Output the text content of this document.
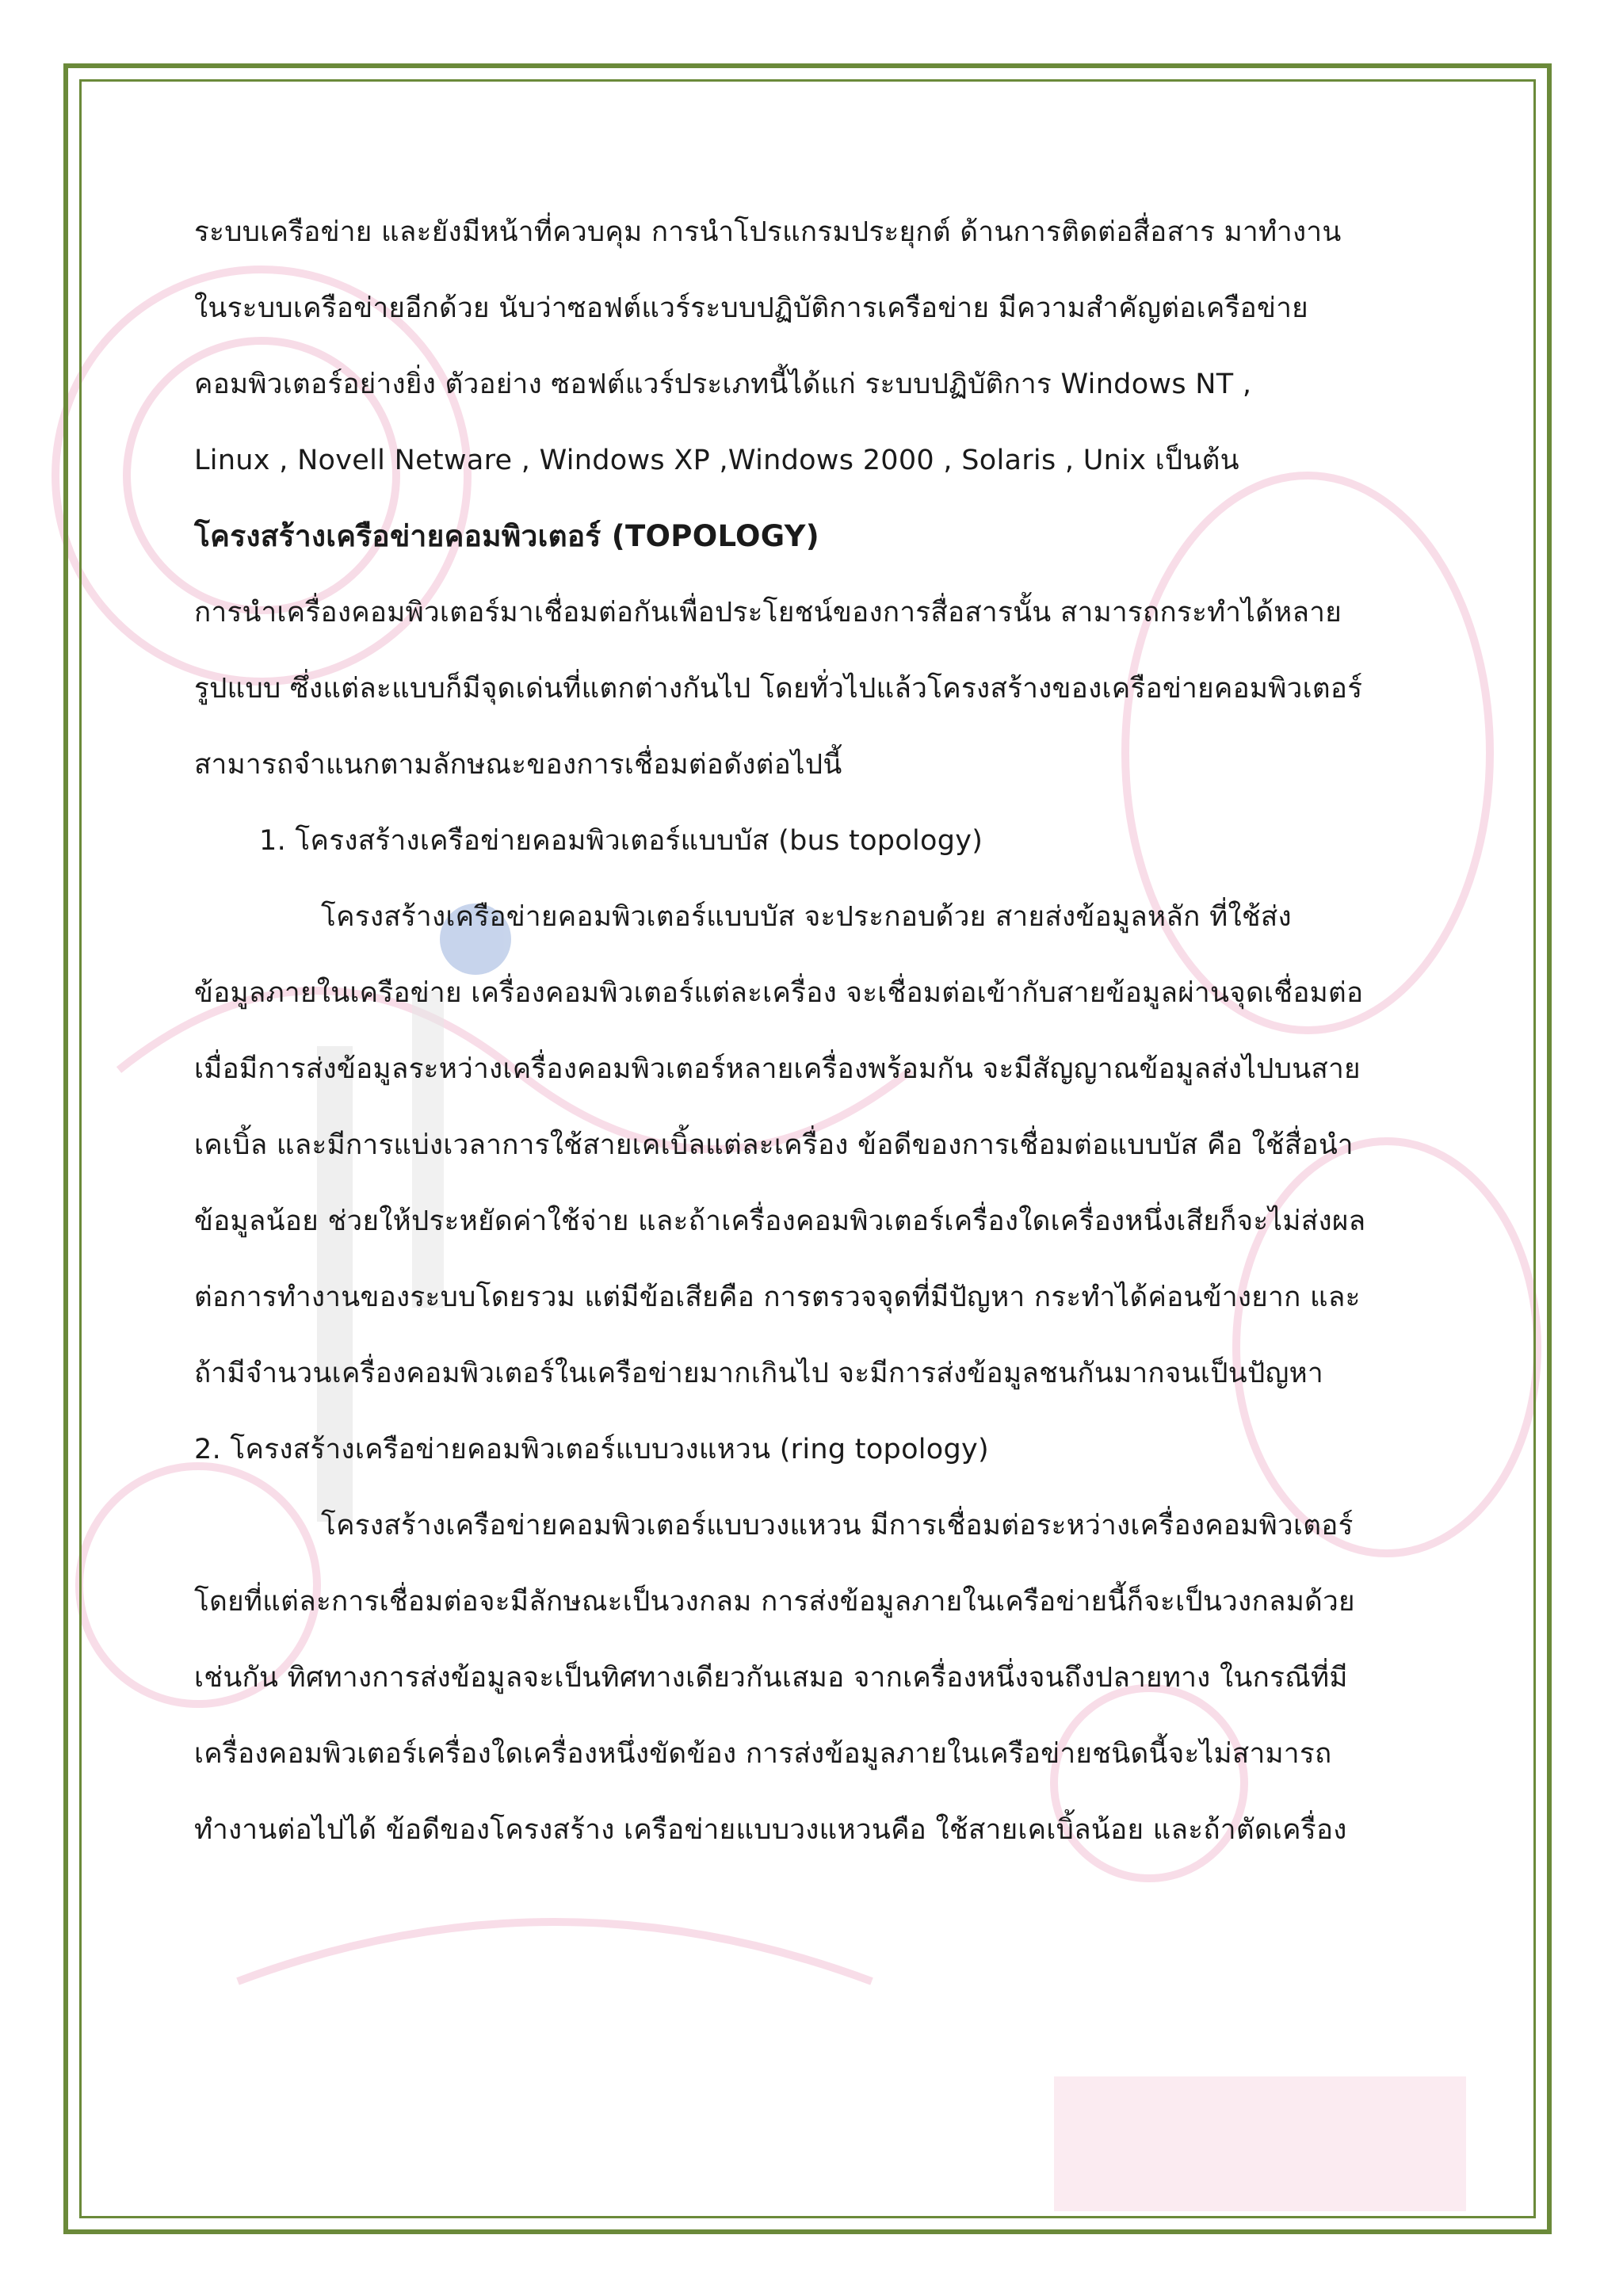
ระบบเครือข่าย และยังมีหน้าที่ควบคุม การนำโปรแกรมประยุกต์ ด้านการติดต่อสื่อสาร มาทำงาน

ในระบบเครือข่ายอีกด้วย นับว่าซอฟต์แวร์ระบบปฏิบัติการเครือข่าย มีความสำคัญต่อเครือข่าย

คอมพิวเตอร์อย่างยิ่ง ตัวอย่าง ซอฟต์แวร์ประเภทนี้ได้แก่ ระบบปฏิบัติการ Windows NT ,

Linux , Novell Netware , Windows XP ,Windows 2000 , Solaris , Unix เป็นต้น

โครงสร้างเครือข่ายคอมพิวเตอร์ (TOPOLOGY)

การนำเครื่องคอมพิวเตอร์มาเชื่อมต่อกันเพื่อประโยชน์ของการสื่อสารนั้น สามารถกระทำได้หลาย

รูปแบบ ซึ่งแต่ละแบบก็มีจุดเด่นที่แตกต่างกันไป โดยทั่วไปแล้วโครงสร้างของเครือข่ายคอมพิวเตอร์

สามารถจำแนกตามลักษณะของการเชื่อมต่อดังต่อไปนี้

1. โครงสร้างเครือข่ายคอมพิวเตอร์แบบบัส (bus topology)

โครงสร้างเครือข่ายคอมพิวเตอร์แบบบัส จะประกอบด้วย สายส่งข้อมูลหลัก ที่ใช้ส่ง

ข้อมูลภายในเครือข่าย เครื่องคอมพิวเตอร์แต่ละเครื่อง จะเชื่อมต่อเข้ากับสายข้อมูลผ่านจุดเชื่อมต่อ

เมื่อมีการส่งข้อมูลระหว่างเครื่องคอมพิวเตอร์หลายเครื่องพร้อมกัน จะมีสัญญาณข้อมูลส่งไปบนสาย

เคเบิ้ล และมีการแบ่งเวลาการใช้สายเคเบิ้ลแต่ละเครื่อง ข้อดีของการเชื่อมต่อแบบบัส คือ ใช้สื่อนำ

ข้อมูลน้อย ช่วยให้ประหยัดค่าใช้จ่าย และถ้าเครื่องคอมพิวเตอร์เครื่องใดเครื่องหนึ่งเสียก็จะไม่ส่งผล

ต่อการทำงานของระบบโดยรวม แต่มีข้อเสียคือ การตรวจจุดที่มีปัญหา กระทำได้ค่อนข้างยาก และ

ถ้ามีจำนวนเครื่องคอมพิวเตอร์ในเครือข่ายมากเกินไป จะมีการส่งข้อมูลชนกันมากจนเป็นปัญหา

2. โครงสร้างเครือข่ายคอมพิวเตอร์แบบวงแหวน (ring topology)

โครงสร้างเครือข่ายคอมพิวเตอร์แบบวงแหวน มีการเชื่อมต่อระหว่างเครื่องคอมพิวเตอร์

โดยที่แต่ละการเชื่อมต่อจะมีลักษณะเป็นวงกลม การส่งข้อมูลภายในเครือข่ายนี้ก็จะเป็นวงกลมด้วย

เช่นกัน ทิศทางการส่งข้อมูลจะเป็นทิศทางเดียวกันเสมอ จากเครื่องหนึ่งจนถึงปลายทาง ในกรณีที่มี

เครื่องคอมพิวเตอร์เครื่องใดเครื่องหนึ่งขัดข้อง การส่งข้อมูลภายในเครือข่ายชนิดนี้จะไม่สามารถ

ทำงานต่อไปได้ ข้อดีของโครงสร้าง เครือข่ายแบบวงแหวนคือ ใช้สายเคเบิ้ลน้อย และถ้าตัดเครื่อง
